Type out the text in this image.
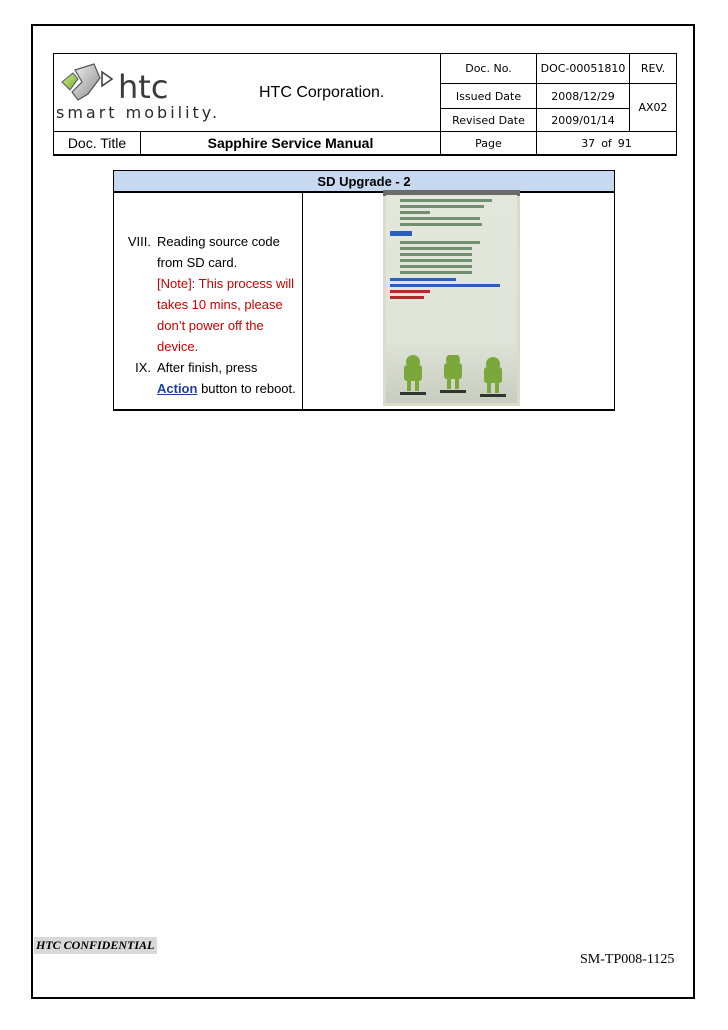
htc
smart mobility.
HTC Corporation.		Doc. No.	DOC-00051810	REV.
		Issued Date	2008/12/29	AX02
		Revised Date	2009/01/14	
Doc. Title	Sapphire Service Manual	Page	37 of 91	
SD Upgrade - 2

VIII. Reading source code
from SD card.
[Note]: This process will
takes 10 mins, please
don’t power off the device.
IX. After finish, press
Action button to reboot.

HTC CONFIDENTIAL
SM-TP008-1125
